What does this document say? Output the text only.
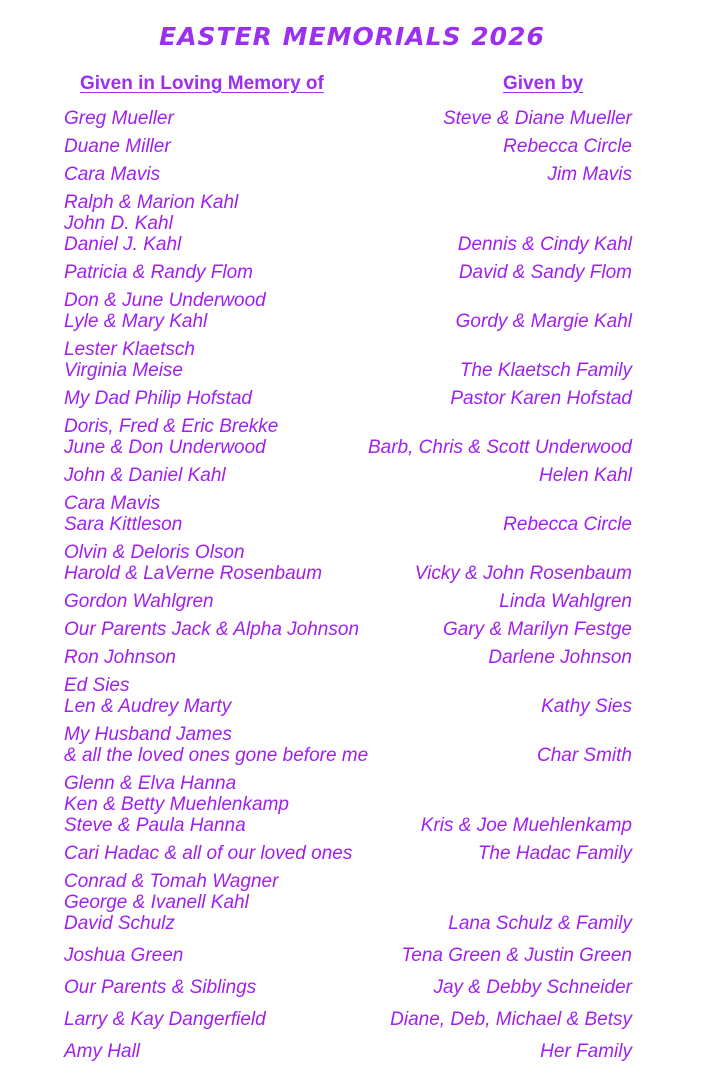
EASTER MEMORIALS 2026
Given in Loving Memory of	Given by
Greg Mueller	Steve & Diane Mueller
Duane Miller	Rebecca Circle
Cara Mavis	Jim Mavis
Ralph & Marion Kahl
John D. Kahl
Daniel J. Kahl	Dennis & Cindy Kahl
Patricia & Randy Flom	David & Sandy Flom
Don & June Underwood
Lyle & Mary Kahl	Gordy & Margie Kahl
Lester Klaetsch
Virginia Meise	The Klaetsch Family
My Dad Philip Hofstad	Pastor Karen Hofstad
Doris, Fred & Eric Brekke
June & Don Underwood	Barb, Chris & Scott Underwood
John & Daniel Kahl	Helen Kahl
Cara Mavis
Sara Kittleson	Rebecca Circle
Olvin & Deloris Olson
Harold & LaVerne Rosenbaum	Vicky & John Rosenbaum
Gordon Wahlgren	Linda Wahlgren
Our Parents Jack & Alpha Johnson	Gary & Marilyn Festge
Ron Johnson	Darlene Johnson
Ed Sies
Len & Audrey Marty	Kathy Sies
My Husband James
& all the loved ones gone before me	Char Smith
Glenn & Elva Hanna
Ken & Betty Muehlenkamp
Steve & Paula Hanna	Kris & Joe Muehlenkamp
Cari Hadac & all of our loved ones	The Hadac Family
Conrad & Tomah Wagner
George & Ivanell Kahl
David Schulz	Lana Schulz & Family
Joshua Green	Tena Green & Justin Green
Our Parents & Siblings	Jay & Debby Schneider
Larry & Kay Dangerfield	Diane, Deb, Michael & Betsy
Amy Hall	Her Family
